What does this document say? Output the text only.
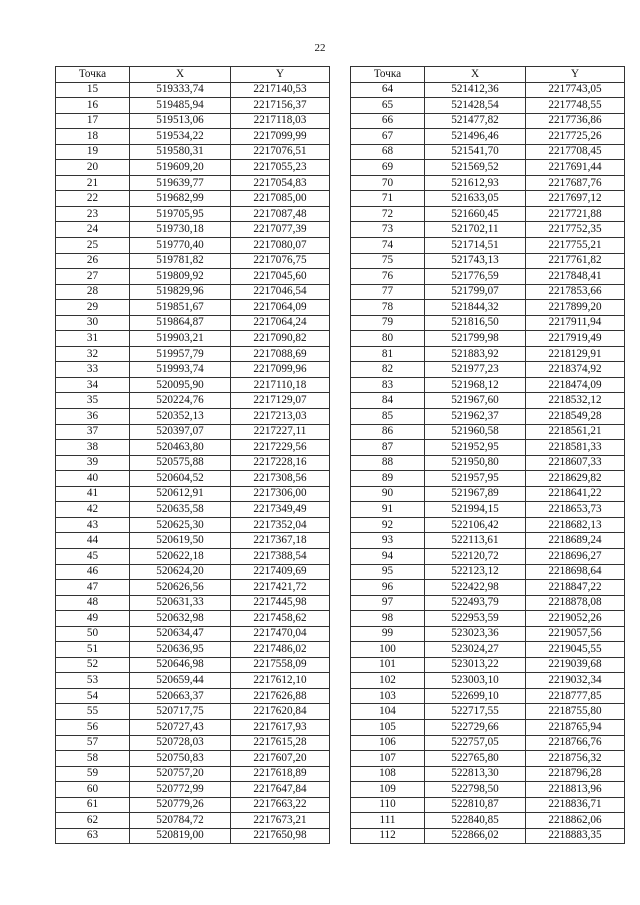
22
Точка	X	Y
15	519333,74	2217140,53
16	519485,94	2217156,37
17	519513,06	2217118,03
18	519534,22	2217099,99
19	519580,31	2217076,51
20	519609,20	2217055,23
21	519639,77	2217054,83
22	519682,99	2217085,00
23	519705,95	2217087,48
24	519730,18	2217077,39
25	519770,40	2217080,07
26	519781,82	2217076,75
27	519809,92	2217045,60
28	519829,96	2217046,54
29	519851,67	2217064,09
30	519864,87	2217064,24
31	519903,21	2217090,82
32	519957,79	2217088,69
33	519993,74	2217099,96
34	520095,90	2217110,18
35	520224,76	2217129,07
36	520352,13	2217213,03
37	520397,07	2217227,11
38	520463,80	2217229,56
39	520575,88	2217228,16
40	520604,52	2217308,56
41	520612,91	2217306,00
42	520635,58	2217349,49
43	520625,30	2217352,04
44	520619,50	2217367,18
45	520622,18	2217388,54
46	520624,20	2217409,69
47	520626,56	2217421,72
48	520631,33	2217445,98
49	520632,98	2217458,62
50	520634,47	2217470,04
51	520636,95	2217486,02
52	520646,98	2217558,09
53	520659,44	2217612,10
54	520663,37	2217626,88
55	520717,75	2217620,84
56	520727,43	2217617,93
57	520728,03	2217615,28
58	520750,83	2217607,20
59	520757,20	2217618,89
60	520772,99	2217647,84
61	520779,26	2217663,22
62	520784,72	2217673,21
63	520819,00	2217650,98
Точка	X	Y
64	521412,36	2217743,05
65	521428,54	2217748,55
66	521477,82	2217736,86
67	521496,46	2217725,26
68	521541,70	2217708,45
69	521569,52	2217691,44
70	521612,93	2217687,76
71	521633,05	2217697,12
72	521660,45	2217721,88
73	521702,11	2217752,35
74	521714,51	2217755,21
75	521743,13	2217761,82
76	521776,59	2217848,41
77	521799,07	2217853,66
78	521844,32	2217899,20
79	521816,50	2217911,94
80	521799,98	2217919,49
81	521883,92	2218129,91
82	521977,23	2218374,92
83	521968,12	2218474,09
84	521967,60	2218532,12
85	521962,37	2218549,28
86	521960,58	2218561,21
87	521952,95	2218581,33
88	521950,80	2218607,33
89	521957,95	2218629,82
90	521967,89	2218641,22
91	521994,15	2218653,73
92	522106,42	2218682,13
93	522113,61	2218689,24
94	522120,72	2218696,27
95	522123,12	2218698,64
96	522422,98	2218847,22
97	522493,79	2218878,08
98	522953,59	2219052,26
99	523023,36	2219057,56
100	523024,27	2219045,55
101	523013,22	2219039,68
102	523003,10	2219032,34
103	522699,10	2218777,85
104	522717,55	2218755,80
105	522729,66	2218765,94
106	522757,05	2218766,76
107	522765,80	2218756,32
108	522813,30	2218796,28
109	522798,50	2218813,96
110	522810,87	2218836,71
111	522840,85	2218862,06
112	522866,02	2218883,35
